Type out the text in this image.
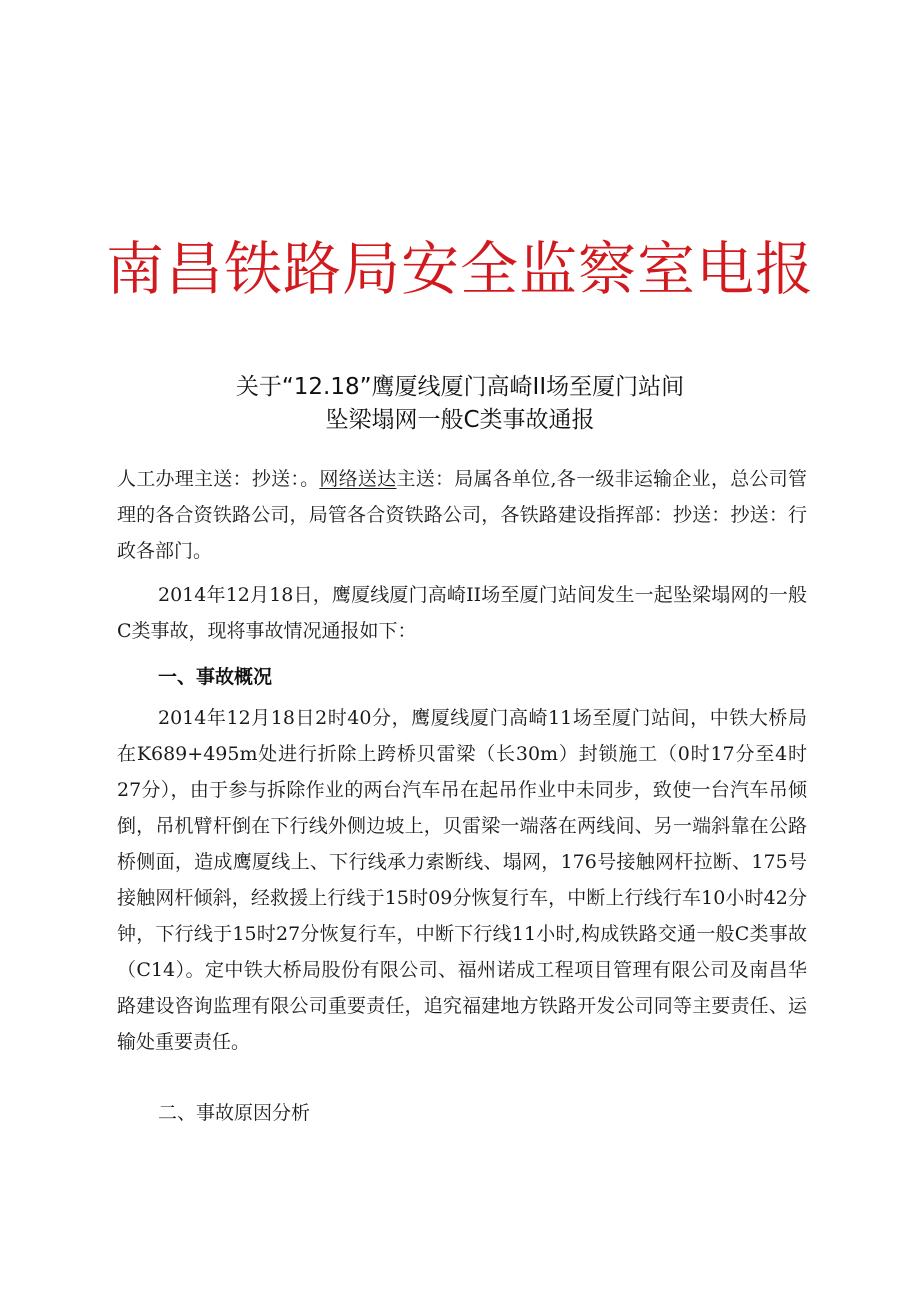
南昌铁路局安全监察室电报
关于“12.18”鹰厦线厦门高崎II场至厦门站间
坠梁塌网一般C类事故通报

人工办理主送：抄送：。网络送达主送：局属各单位,各一级非运输企业，总公司管理的各合资铁路公司，局管各合资铁路公司，各铁路建设指挥部：抄送：抄送：行政各部门。

2014年12月18日，鹰厦线厦门高崎II场至厦门站间发生一起坠梁塌网的一般C类事故，现将事故情况通报如下：

一、事故概况

2014年12月18日2时40分，鹰厦线厦门高崎11场至厦门站间，中铁大桥局在K689+495m处进行折除上跨桥贝雷梁（长30m）封锁施工（0时17分至4时27分），由于参与拆除作业的两台汽车吊在起吊作业中未同步，致使一台汽车吊倾倒，吊机臂杆倒在下行线外侧边坡上，贝雷梁一端落在两线间、另一端斜靠在公路桥侧面，造成鹰厦线上、下行线承力索断线、塌网，176号接触网杆拉断、175号接触网杆倾斜，经救援上行线于15时09分恢复行车，中断上行线行车10小时42分钟，下行线于15时27分恢复行车，中断下行线11小时,构成铁路交通一般C类事故（C14）。定中铁大桥局股份有限公司、福州诺成工程项目管理有限公司及南昌华路建设咨询监理有限公司重要责任，追究福建地方铁路开发公司同等主要责任、运输处重要责任。

二、事故原因分析
